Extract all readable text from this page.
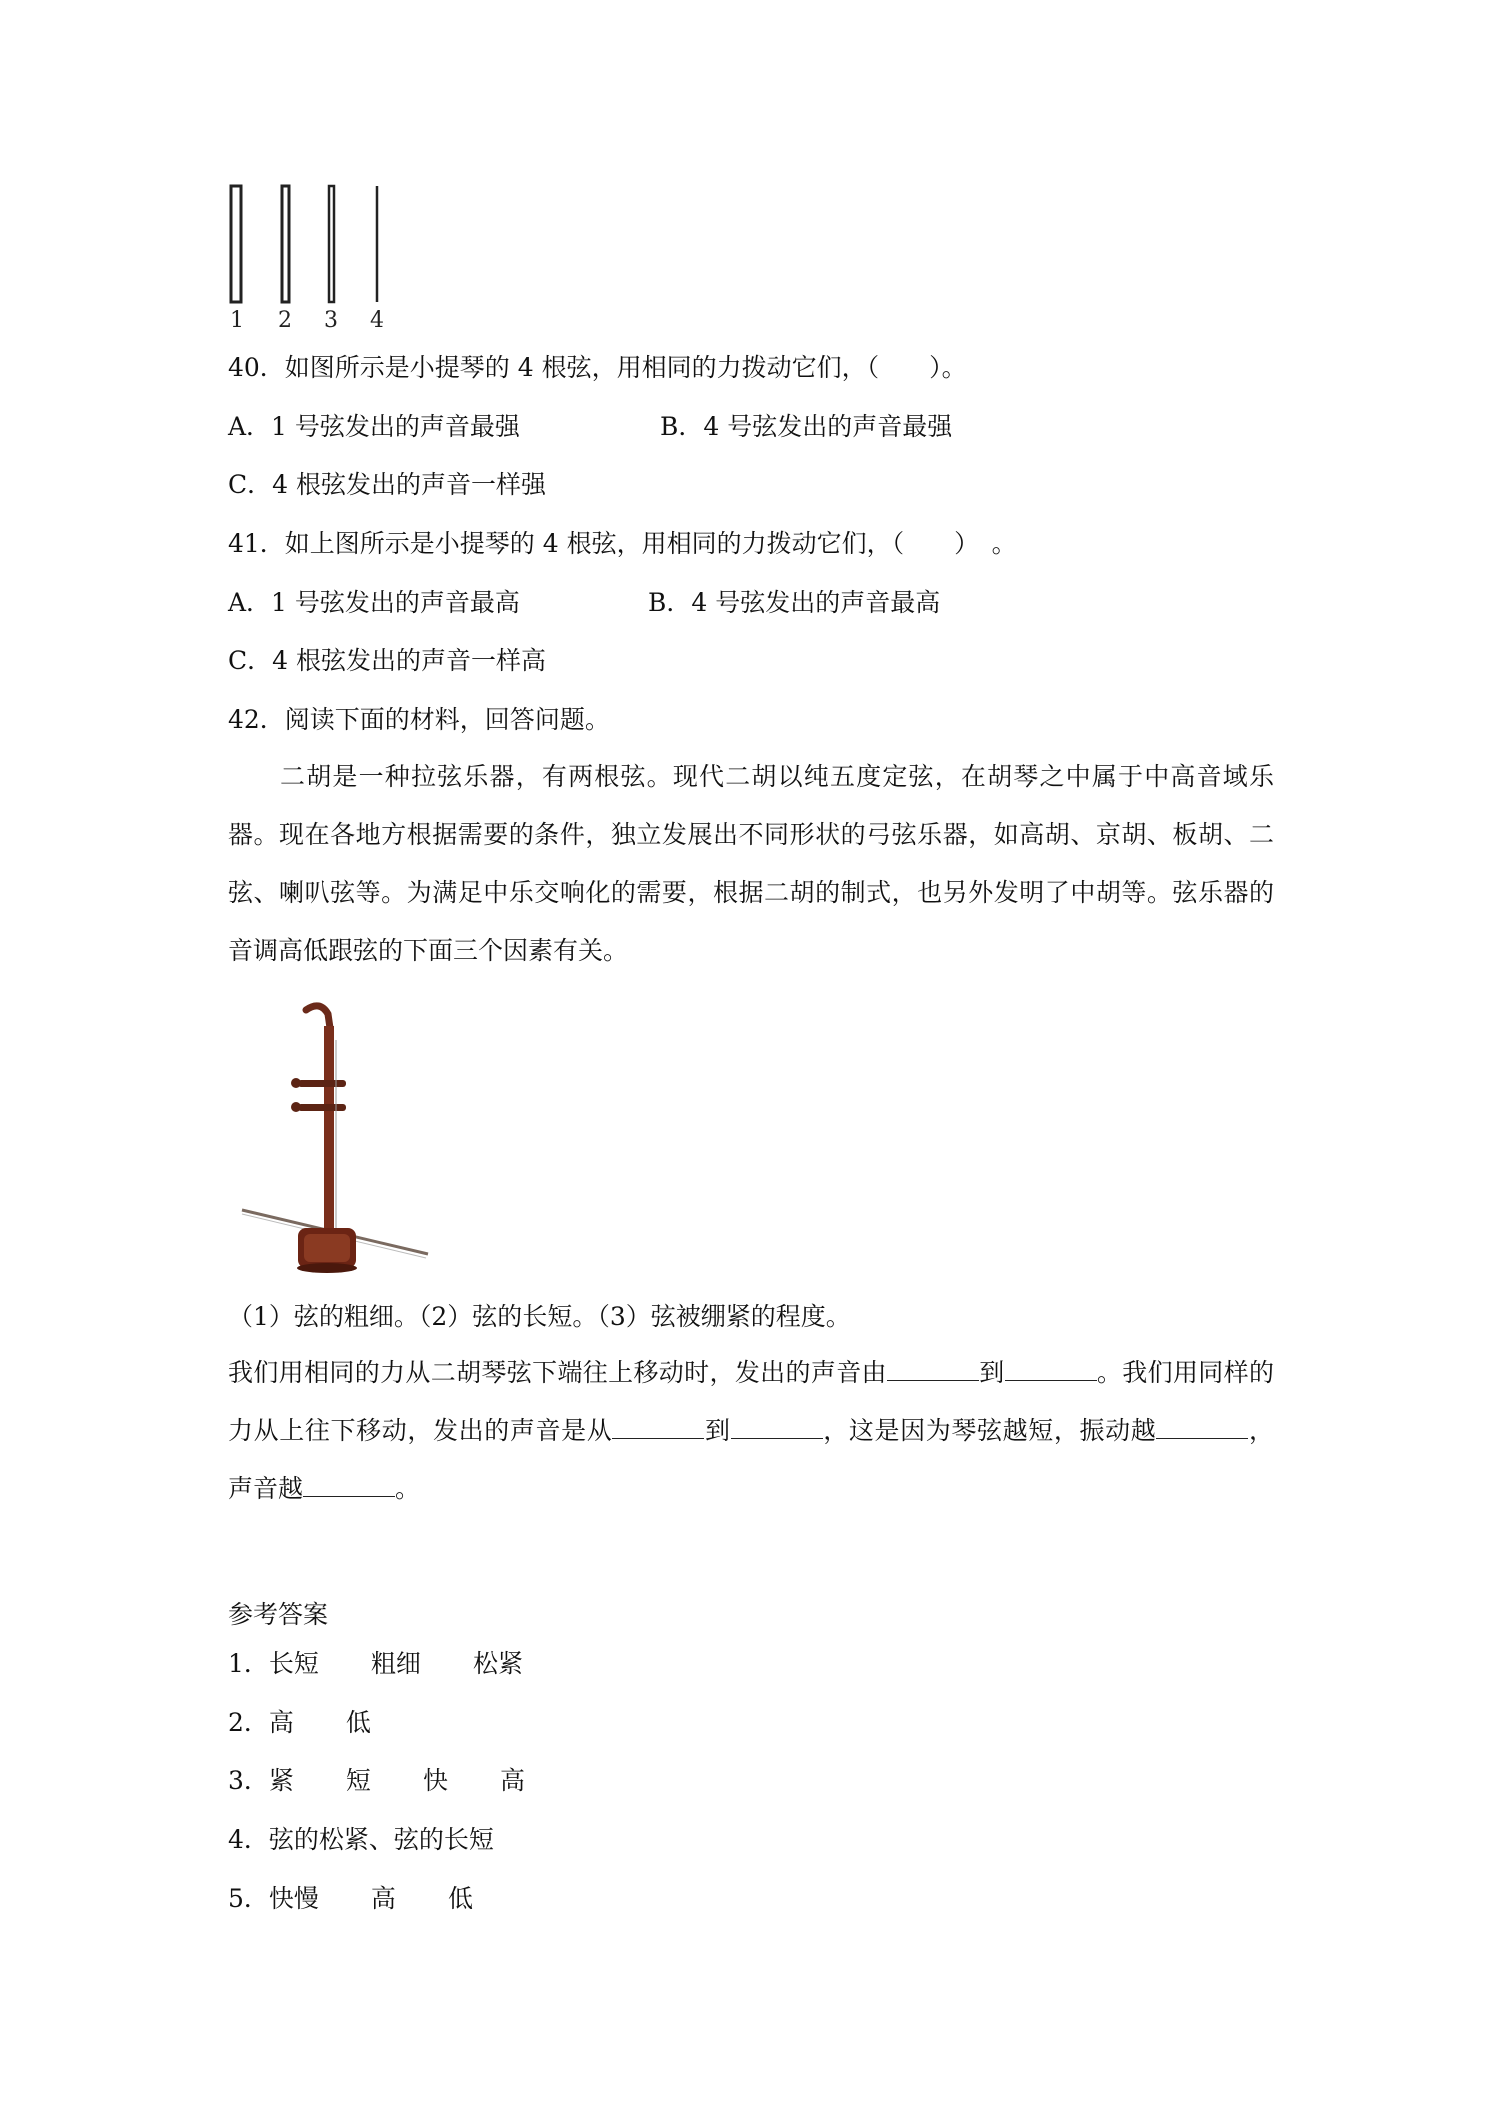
1 2 3 4
40．如图所示是小提琴的 4 根弦，用相同的力拨动它们，（　　）。
A．1 号弦发出的声音最强	B．4 号弦发出的声音最强
C．4 根弦发出的声音一样强
41．如上图所示是小提琴的 4 根弦，用相同的力拨动它们，（　　）　。
A．1 号弦发出的声音最高	B．4 号弦发出的声音最高
C．4 根弦发出的声音一样高
42．阅读下面的材料，回答问题。
二胡是一种拉弦乐器，有两根弦。现代二胡以纯五度定弦，在胡琴之中属于中高音域乐器。现在各地方根据需要的条件，独立发展出不同形状的弓弦乐器，如高胡、京胡、板胡、二弦、喇叭弦等。为满足中乐交响化的需要，根据二胡的制式，也另外发明了中胡等。弦乐器的音调高低跟弦的下面三个因素有关。
（1）弦的粗细。（2）弦的长短。（3）弦被绷紧的程度。
我们用相同的力从二胡琴弦下端往上移动时，发出的声音由	到	。我们用同样的力从上往下移动，发出的声音是从	到	，这是因为琴弦越短，振动越	，声音越	。
参考答案
1．长短 粗细 松紧
2．高 低
3．紧 短 快 高
4．弦的松紧、弦的长短
5．快慢 高 低
